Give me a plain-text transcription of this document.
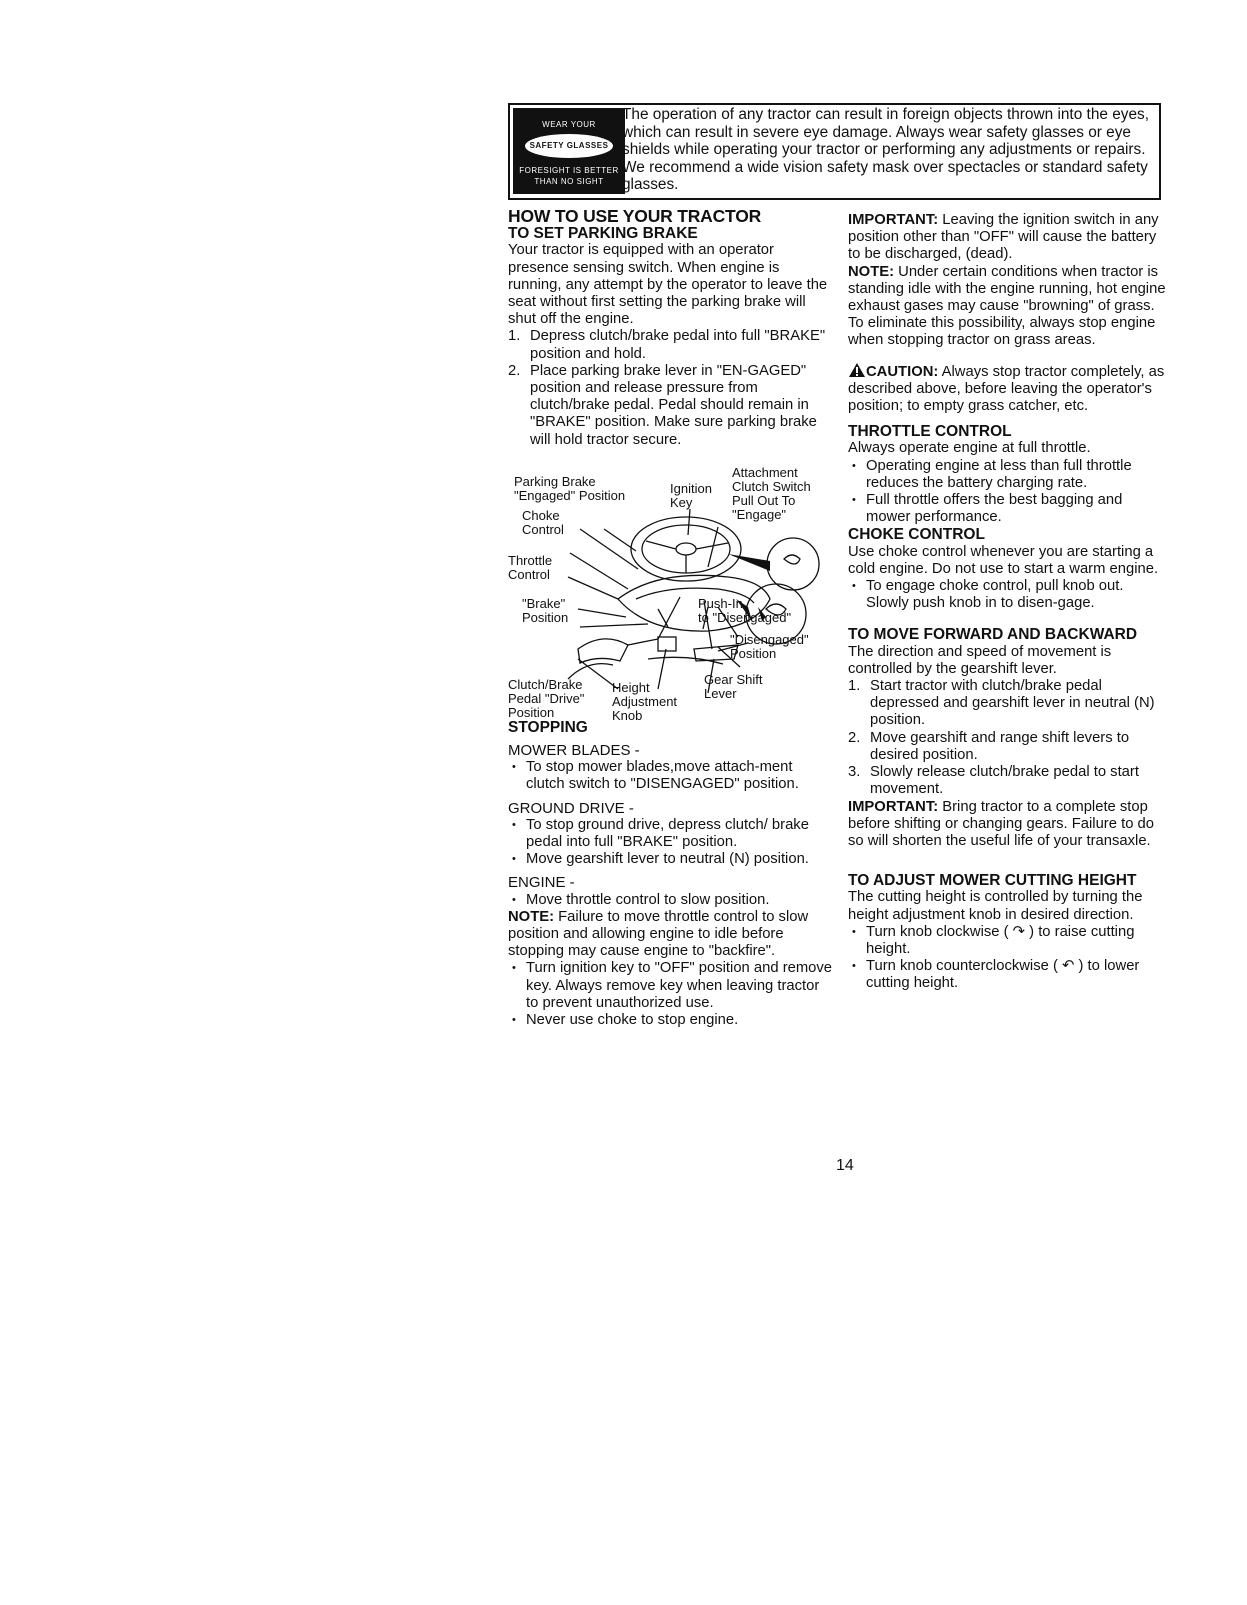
WEAR YOUR
SAFETY GLASSES
FORESIGHT IS BETTER
THAN NO SIGHT
The operation of any tractor can result in foreign objects thrown into the eyes, which can result in severe eye damage. Always wear safety glasses or eye shields while operating your tractor or performing any adjustments or repairs. We recommend a wide vision safety mask over spectacles or standard safety glasses.

HOW TO USE YOUR TRACTOR

TO SET PARKING BRAKE

Your tractor is equipped with an operator presence sensing switch. When engine is running, any attempt by the operator to leave the seat without first setting the parking brake will shut off the engine.

1. Depress clutch/brake pedal into full "BRAKE" position and hold.
2. Place parking brake lever in "EN-GAGED" position and release pressure from clutch/brake pedal. Pedal should remain in "BRAKE" position. Make sure parking brake will hold tractor secure.
Parking Brake
"Engaged" Position	Ignition
Key
Attachment
Clutch Switch
Pull Out To
"Engage"
Choke
Control
Throttle
Control
"Brake"
Position
Push-In
to "Disengaged"
"Disengaged"
Position
Clutch/Brake
Pedal "Drive"
Position
Height
Adjustment
Knob
Gear Shift
Lever

STOPPING

MOWER BLADES -

• To stop mower blades,move attach-ment clutch switch to "DISENGAGED" position.

GROUND DRIVE -

• To stop ground drive, depress clutch/ brake pedal into full "BRAKE" position.
• Move gearshift lever to neutral (N) position.

ENGINE -

• Move throttle control to slow position.

NOTE: Failure to move throttle control to slow position and allowing engine to idle before stopping may cause engine to "backfire".

• Turn ignition key to "OFF" position and remove key. Always remove key when leaving tractor to prevent unauthorized use.
• Never use choke to stop engine.

IMPORTANT: Leaving the ignition switch in any position other than "OFF" will cause the battery to be discharged, (dead).

NOTE: Under certain conditions when tractor is standing idle with the engine running, hot engine exhaust gases may cause "browning" of grass. To eliminate this possibility, always stop engine when stopping tractor on grass areas.

CAUTION: Always stop tractor completely, as described above, before leaving the operator's position; to empty grass catcher, etc.

THROTTLE CONTROL

Always operate engine at full throttle.

• Operating engine at less than full throttle reduces the battery charging rate.
• Full throttle offers the best bagging and mower performance.

CHOKE CONTROL

Use choke control whenever you are starting a cold engine. Do not use to start a warm engine.

• To engage choke control, pull knob out. Slowly push knob in to disen-gage.

TO MOVE FORWARD AND BACKWARD

The direction and speed of movement is controlled by the gearshift lever.

1. Start tractor with clutch/brake pedal depressed and gearshift lever in neutral (N) position.
2. Move gearshift and range shift levers to desired position.
3. Slowly release clutch/brake pedal to start movement.

IMPORTANT: Bring tractor to a complete stop before shifting or changing gears. Failure to do so will shorten the useful life of your transaxle.

TO ADJUST MOWER CUTTING HEIGHT

The cutting height is controlled by turning the height adjustment knob in desired direction.

• Turn knob clockwise ( ↷ ) to raise cutting height.
• Turn knob counterclockwise ( ↶ ) to lower cutting height.
14
